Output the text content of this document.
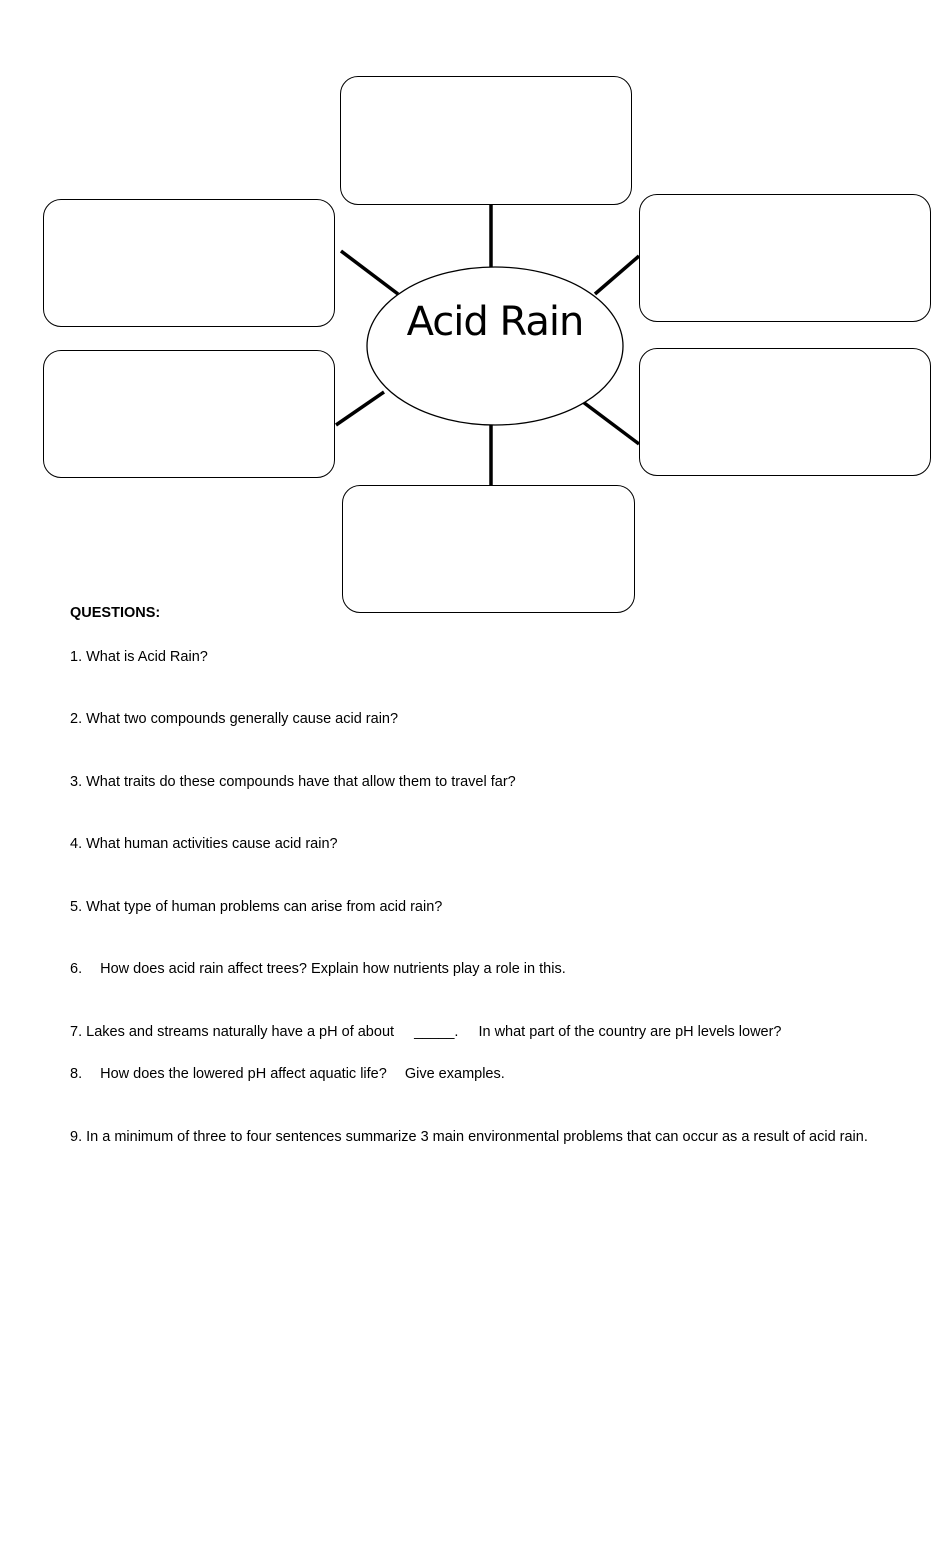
Acid Rain
QUESTIONS:
1. What is Acid Rain?
2. What two compounds generally cause acid rain?
3. What traits do these compounds have that allow them to travel far?
4. What human activities cause acid rain?
5. What type of human problems can arise from acid rain?
6. How does acid rain affect trees? Explain how nutrients play a role in this.
7. Lakes and streams naturally have a pH of about _____. In what part of the country are pH levels lower?
8. How does the lowered pH affect aquatic life? Give examples.
9. In a minimum of three to four sentences summarize 3 main environmental problems that can occur as a result of acid rain.
